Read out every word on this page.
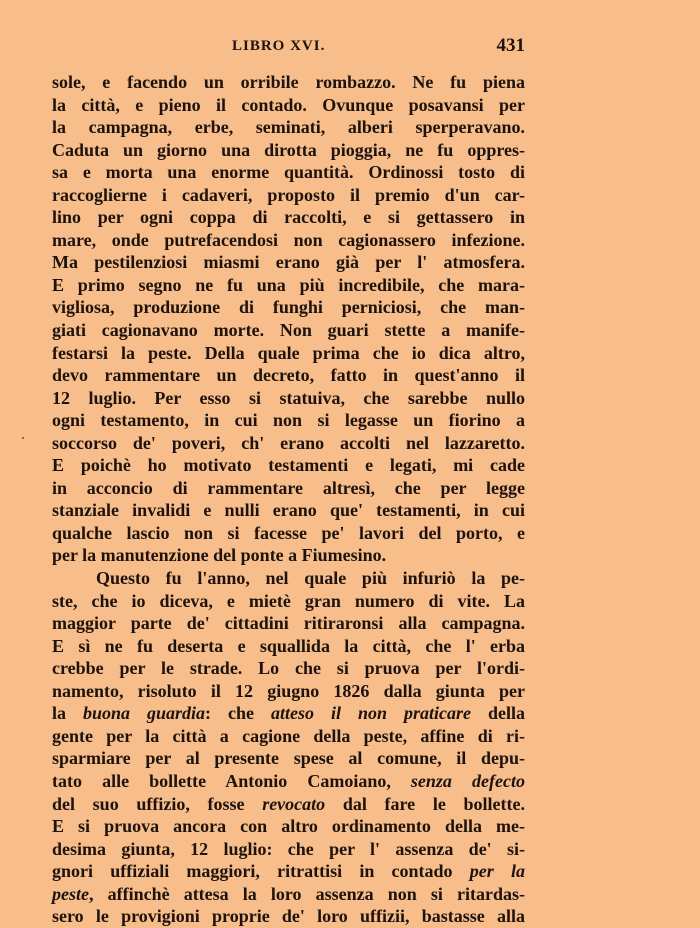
LIBRO XVI.	431
sole, e facendo un orribile rombazzo. Ne fu piena
la città, e pieno il contado. Ovunque posavansi per
la campagna, erbe, seminati, alberi sperperavano.
Caduta un giorno una dirotta pioggia, ne fu oppres-
sa e morta una enorme quantità. Ordinossi tosto di
raccoglierne i cadaveri, proposto il premio d'un car-
lino per ogni coppa di raccolti, e si gettassero in
mare, onde putrefacendosi non cagionassero infezione.
Ma pestilenziosi miasmi erano già per l' atmosfera.
E primo segno ne fu una più incredibile, che mara-
vigliosa, produzione di funghi perniciosi, che man-
giati cagionavano morte. Non guari stette a manife-
festarsi la peste. Della quale prima che io dica altro,
devo rammentare un decreto, fatto in quest'anno il
12 luglio. Per esso si statuiva, che sarebbe nullo
ogni testamento, in cui non si legasse un fiorino a
soccorso de' poveri, ch' erano accolti nel lazzaretto.
E poichè ho motivato testamenti e legati, mi cade
in acconcio di rammentare altresì, che per legge
stanziale invalidi e nulli erano que' testamenti, in cui
qualche lascio non si facesse pe' lavori del porto, e
per la manutenzione del ponte a Fiumesino.
Questo fu l'anno, nel quale più infuriò la pe-
ste, che io diceva, e mietè gran numero di vite. La
maggior parte de' cittadini ritiraronsi alla campagna.
E sì ne fu deserta e squallida la città, che l' erba
crebbe per le strade. Lo che si pruova per l'ordi-
namento, risoluto il 12 giugno 1826 dalla giunta per
la buona guardia: che atteso il non praticare della
gente per la città a cagione della peste, affine di ri-
sparmiare per al presente spese al comune, il depu-
tato alle bollette Antonio Camoiano, senza defecto
del suo uffizio, fosse revocato dal fare le bollette.
E si pruova ancora con altro ordinamento della me-
desima giunta, 12 luglio: che per l' assenza de' si-
gnori uffiziali maggiori, ritrattisi in contado per la
peste, affinchè attesa la loro assenza non si ritardas-
sero le provigioni proprie de' loro uffizii, bastasse alla
